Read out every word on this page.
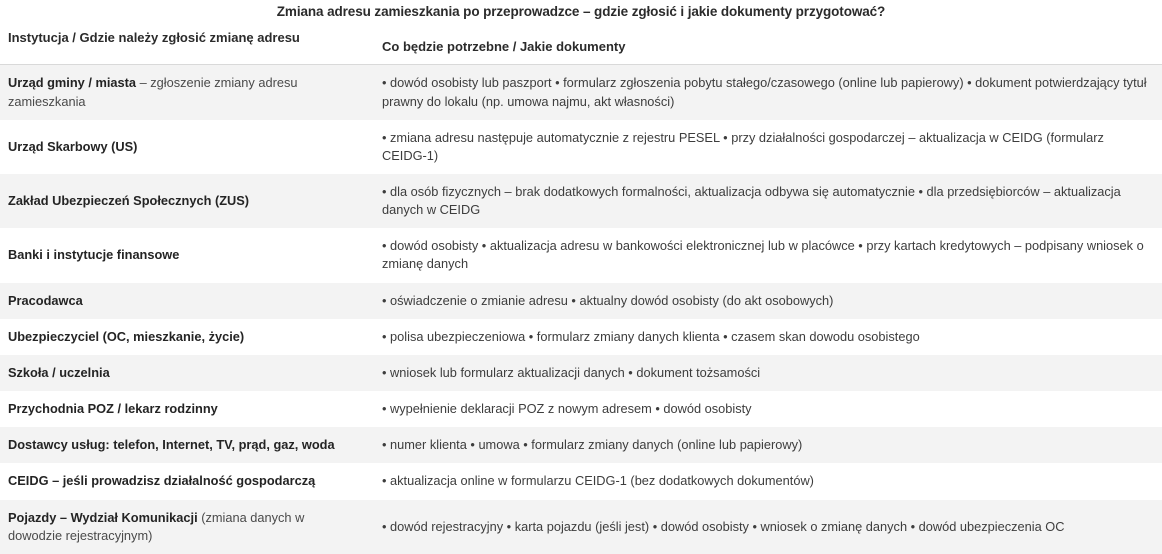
Zmiana adresu zamieszkania po przeprowadzce – gdzie zgłosić i jakie dokumenty przygotować?
Instytucja / Gdzie należy zgłosić zmianę adresu	Co będzie potrzebne / Jakie dokumenty
Urząd gminy / miasta – zgłoszenie zmiany adresu zamieszkania	• dowód osobisty lub paszport • formularz zgłoszenia pobytu stałego/czasowego (online lub papierowy) • dokument potwierdzający tytuł prawny do lokalu (np. umowa najmu, akt własności)
Urząd Skarbowy (US)	• zmiana adresu następuje automatycznie z rejestru PESEL • przy działalności gospodarczej – aktualizacja w CEIDG (formularz CEIDG-1)
Zakład Ubezpieczeń Społecznych (ZUS)	• dla osób fizycznych – brak dodatkowych formalności, aktualizacja odbywa się automatycznie • dla przedsiębiorców – aktualizacja danych w CEIDG
Banki i instytucje finansowe	• dowód osobisty • aktualizacja adresu w bankowości elektronicznej lub w placówce • przy kartach kredytowych – podpisany wniosek o zmianę danych
Pracodawca	• oświadczenie o zmianie adresu • aktualny dowód osobisty (do akt osobowych)
Ubezpieczyciel (OC, mieszkanie, życie)	• polisa ubezpieczeniowa • formularz zmiany danych klienta • czasem skan dowodu osobistego
Szkoła / uczelnia	• wniosek lub formularz aktualizacji danych • dokument tożsamości
Przychodnia POZ / lekarz rodzinny	• wypełnienie deklaracji POZ z nowym adresem • dowód osobisty
Dostawcy usług: telefon, Internet, TV, prąd, gaz, woda	• numer klienta • umowa • formularz zmiany danych (online lub papierowy)
CEIDG – jeśli prowadzisz działalność gospodarczą	• aktualizacja online w formularzu CEIDG-1 (bez dodatkowych dokumentów)
Pojazdy – Wydział Komunikacji (zmiana danych w dowodzie rejestracyjnym)	• dowód rejestracyjny • karta pojazdu (jeśli jest) • dowód osobisty • wniosek o zmianę danych • dowód ubezpieczenia OC
